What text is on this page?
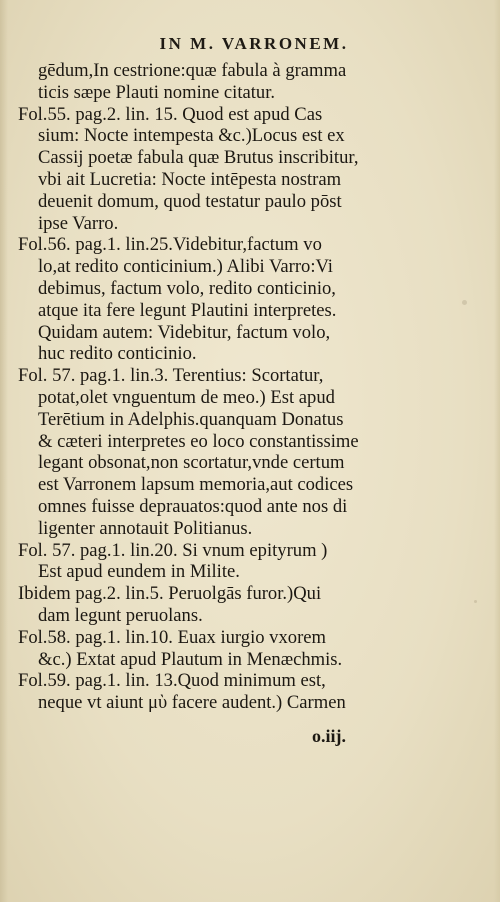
IN M. VARRONEM.
gēdum,In cestrione:quæ fabula à gramma
ticis sæpe Plauti nomine citatur.
Fol.55. pag.2. lin. 15. Quod est apud Cas
sium: Nocte intempesta &c.)Locus est ex
Cassij poetæ fabula quæ Brutus inscribitur,
vbi ait Lucretia: Nocte intēpesta nostram
deuenit domum, quod testatur paulo pōst
ipse Varro.
Fol.56. pag.1. lin.25.Videbitur,factum vo
lo,at redito conticinium.) Alibi Varro:Vi
debimus, factum volo, redito conticinio,
atque ita fere legunt Plautini interpretes.
Quidam autem: Videbitur, factum volo,
huc redito conticinio.
Fol. 57. pag.1. lin.3. Terentius: Scortatur,
potat,olet vnguentum de meo.) Est apud
Terētium in Adelphis.quanquam Donatus
& cæteri interpretes eo loco constantissime
legant obsonat,non scortatur,vnde certum
est Varronem lapsum memoria,aut codices
omnes fuisse deprauatos:quod ante nos di
ligenter annotauit Politianus.
Fol. 57. pag.1. lin.20. Si vnum epityrum )
Est apud eundem in Milite.
Ibidem pag.2. lin.5. Peruolgās furor.)Qui
dam legunt peruolans.
Fol.58. pag.1. lin.10. Euax iurgio vxorem
&c.) Extat apud Plautum in Menæchmis.
Fol.59. pag.1. lin. 13.Quod minimum est,
neque vt aiunt μὺ facere audent.) Carmen
o.iij.
